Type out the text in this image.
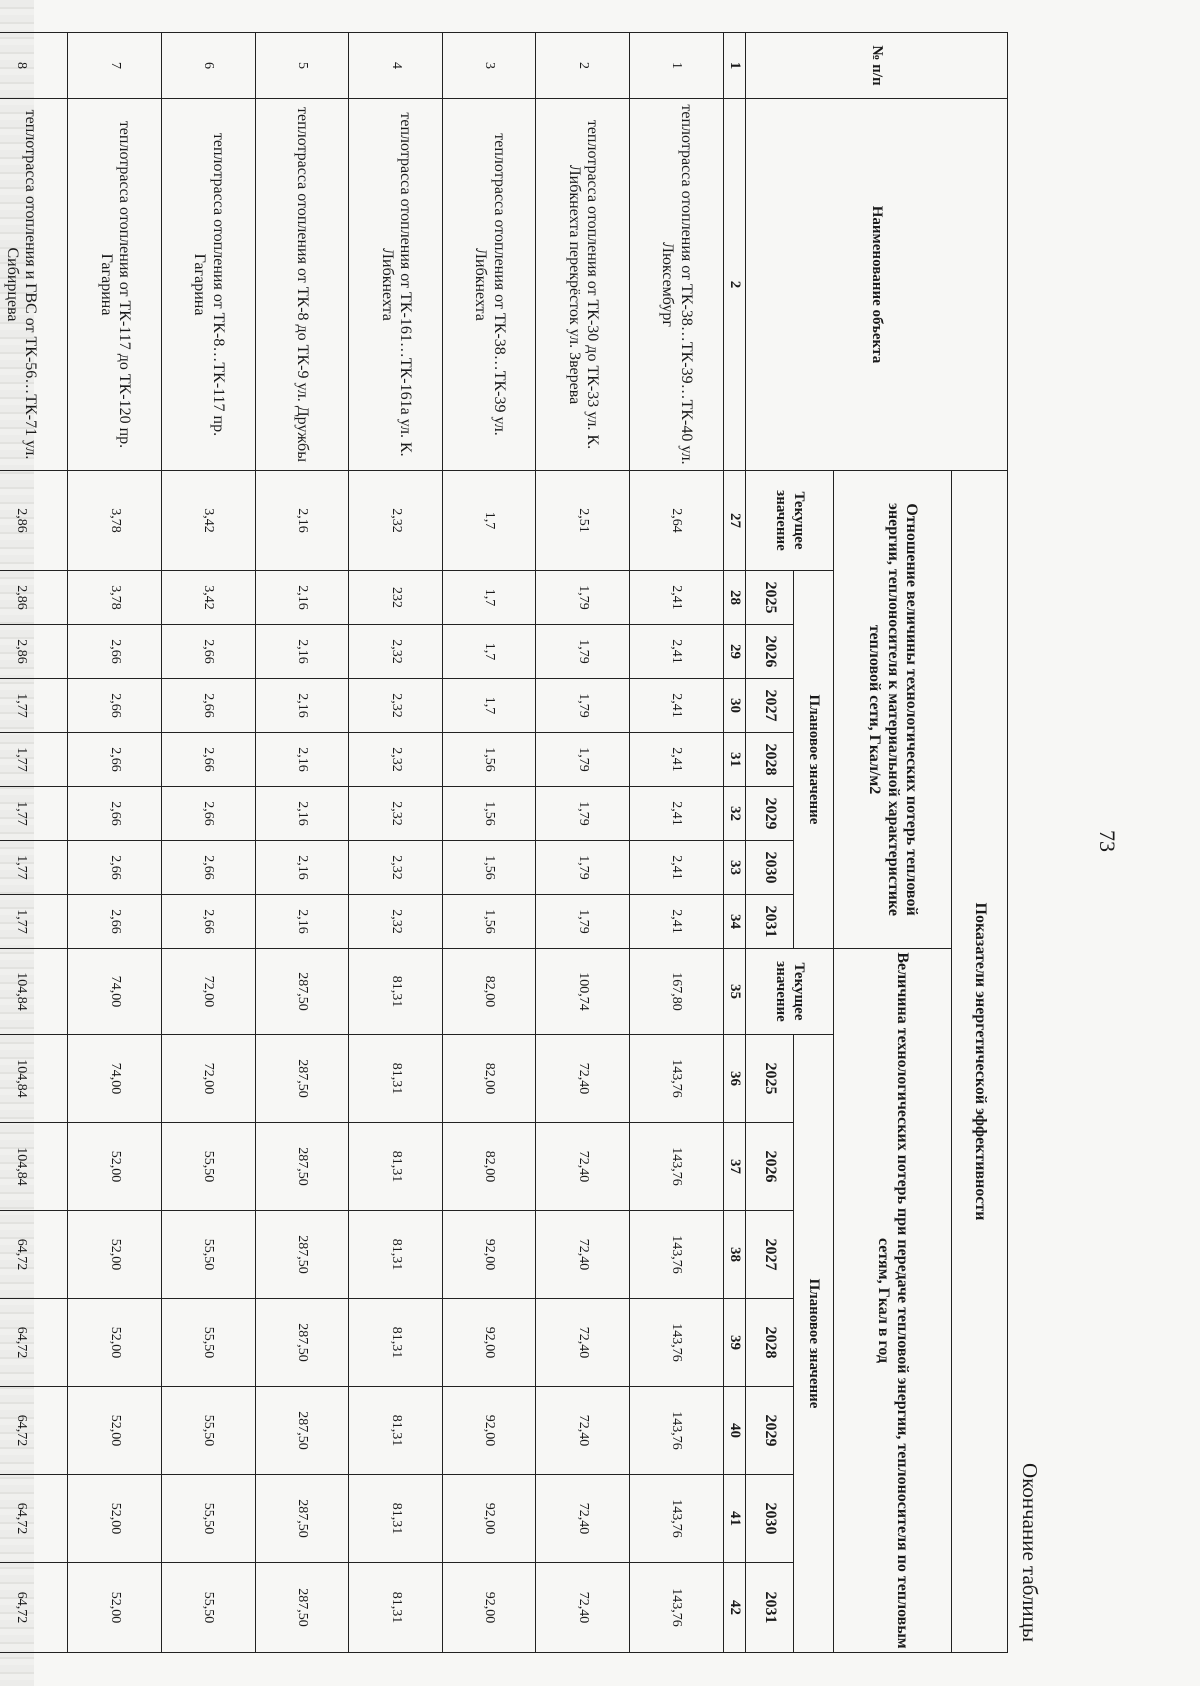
73
Окончание таблицы
№ п/п	Наименование объекта	Показатели энергетической эффективности															
		Отношение величины технологических потерь тепловой энергии, теплоносителя к материальной характеристике тепловой сети, Гкал/м2								Величина технологических потерь при передаче тепловой энергии, теплоносителя по тепловым сетям, Гкал в год							
		Текущее значение	Плановое значение							Текущее значение	Плановое значение						
			2025	2026	2027	2028	2029	2030	2031		2025	2026	2027	2028	2029	2030	2031
1	2	27	28	29	30	31	32	33	34	35	36	37	38	39	40	41	42
1	теплотрасса отопления от ТК-38…ТК-39…ТК-40 ул. Люксембург	2,64	2,41	2,41	2,41	2,41	2,41	2,41	2,41	167,80	143,76	143,76	143,76	143,76	143,76	143,76	143,76
2	теплотрасса отопления от ТК-30 до ТК-33 ул. К. Либкнехта перекрёсток ул. Зверева	2,51	1,79	1,79	1,79	1,79	1,79	1,79	1,79	100,74	72,40	72,40	72,40	72,40	72,40	72,40	72,40
3	теплотрасса отопления от ТК-38…ТК-39 ул. Либкнехта	1,7	1,7	1,7	1,7	1,56	1,56	1,56	1,56	82,00	82,00	82,00	92,00	92,00	92,00	92,00	92,00
4	теплотрасса отопления от ТК-161…ТК-161а ул. К. Либкнехта	2,32	232	2,32	2,32	2,32	2,32	2,32	2,32	81,31	81,31	81,31	81,31	81,31	81,31	81,31	81,31
5	теплотрасса отопления от ТК-8 до ТК-9 ул. Дружбы	2,16	2,16	2,16	2,16	2,16	2,16	2,16	2,16	287,50	287,50	287,50	287,50	287,50	287,50	287,50	287,50
6	теплотрасса отопления от ТК-8…ТК-117 пр. Гагарина	3,42	3,42	2,66	2,66	2,66	2,66	2,66	2,66	72,00	72,00	55,50	55,50	55,50	55,50	55,50	55,50
7	теплотрасса отопления от ТК-117 до ТК-120 пр. Гагарина	3,78	3,78	2,66	2,66	2,66	2,66	2,66	2,66	74,00	74,00	52,00	52,00	52,00	52,00	52,00	52,00
8	теплотрасса отопления и ГВС от ТК-56…ТК-71 ул. Сибирцева	2,86	2,86	2,86	1,77	1,77	1,77	1,77	1,77	104,84	104,84	104,84	64,72	64,72	64,72	64,72	64,72
